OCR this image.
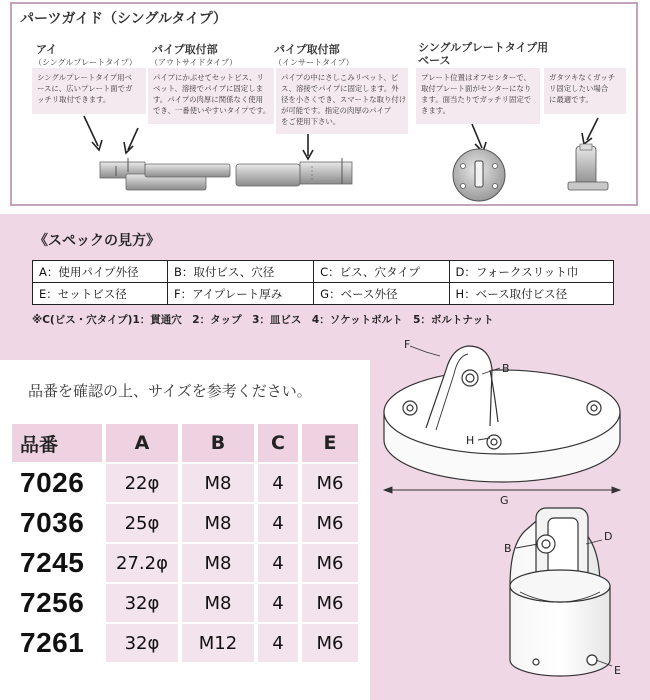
パーツガイド（シングルタイプ）
アイ
（シングルプレートタイプ）
シングルプレートタイプ用ベ
ースに、広いプレート面でガ
ッチリ取付できます。
パイプ取付部
（アウトサイドタイプ）
パイプにかぶせてセットビス、リ
ベット、溶接でパイプに固定しま
す。パイプの肉厚に関係なく使用
でき、一番使いやすいタイプです。
パイプ取付部
（インサートタイプ）
パイプの中にさしこみリベット、ビ
ス、溶接でパイプに固定します。外
径を小さくでき、スマートな取り付け
が可能です。指定の肉厚のパイプ
をご使用下さい。
シングルプレートタイプ用
ベース
プレート位置はオフセンターで、
取付プレート面がセンターになり
ます。面当たりでガッチリ固定で
きます。
ガタツキなくガッチ
リ固定したい場合
に最適です。
《スペックの見方》
A：使用パイプ外径	B：取付ビス、穴径	C：ビス、穴タイプ	D：フォークスリット巾
E：セットビス径	F：アイプレート厚み	G：ベース外径	H：ベース取付ビス径
※C(ビス・穴タイプ)1：貫通穴　2：タップ　3：皿ビス　4：ソケットボルト　5：ボルトナット
品番を確認の上、サイズを参考ください。
品番	A	B	C	E
7026	22φ	M8	4	M6
7036	25φ	M8	4	M6
7245	27.2φ	M8	4	M6
7256	32φ	M8	4	M6
7261	32φ	M12	4	M6
F
B
H
G
B
D
E
